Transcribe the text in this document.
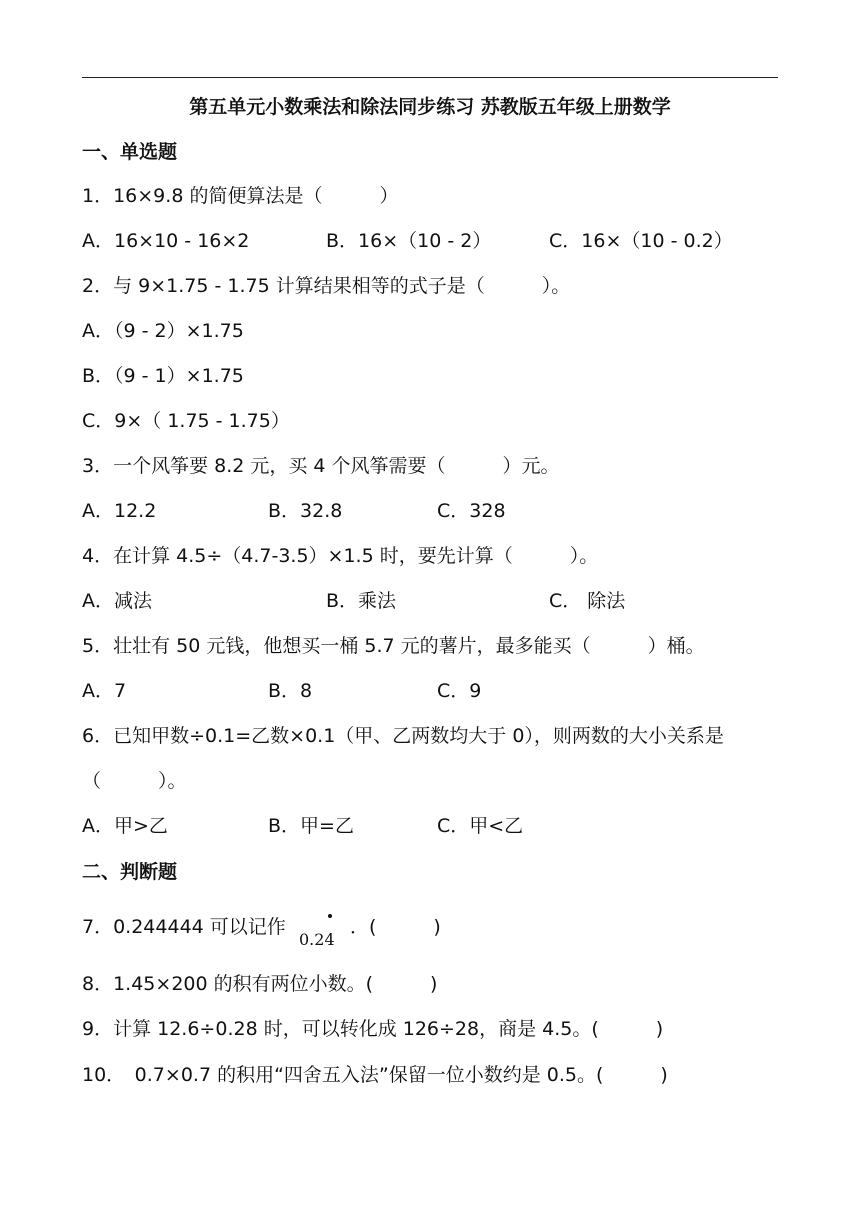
第五单元小数乘法和除法同步练习 苏教版五年级上册数学
一、单选题
1．16×9.8 的简便算法是（　　　）
A．16×10 - 16×2	B．16×（10 - 2）	C．16×（10 - 0.2）
2．与 9×1.75 - 1.75 计算结果相等的式子是（　　　）。
A．（9 - 2）×1.75
B．（9 - 1）×1.75
C．9×（ 1.75 - 1.75）
3．一个风筝要 8.2 元，买 4 个风筝需要（　　　）元。
A．12.2	B．32.8	C．328
4．在计算 4.5÷（4.7-3.5）×1.5 时，要先计算（　　　）。
A．减法	B．乘法	C． 除法
5．壮壮有 50 元钱，他想买一桶 5.7 元的薯片，最多能买（　　　）桶。
A．7	B．8	C．9
6．已知甲数÷0.1=乙数×0.1（甲、乙两数均大于 0），则两数的大小关系是
（　　　）。
A．甲>乙	B．甲=乙	C．甲<乙
二、判断题
7．0.244444 可以记作
0.24
．(　　　)
8．1.45×200 的积有两位小数。(　　　)
9．计算 12.6÷0.28 时，可以转化成 126÷28，商是 4.5。(　　　)
10．　0.7×0.7 的积用“四舍五入法”保留一位小数约是 0.5。(　　　)
